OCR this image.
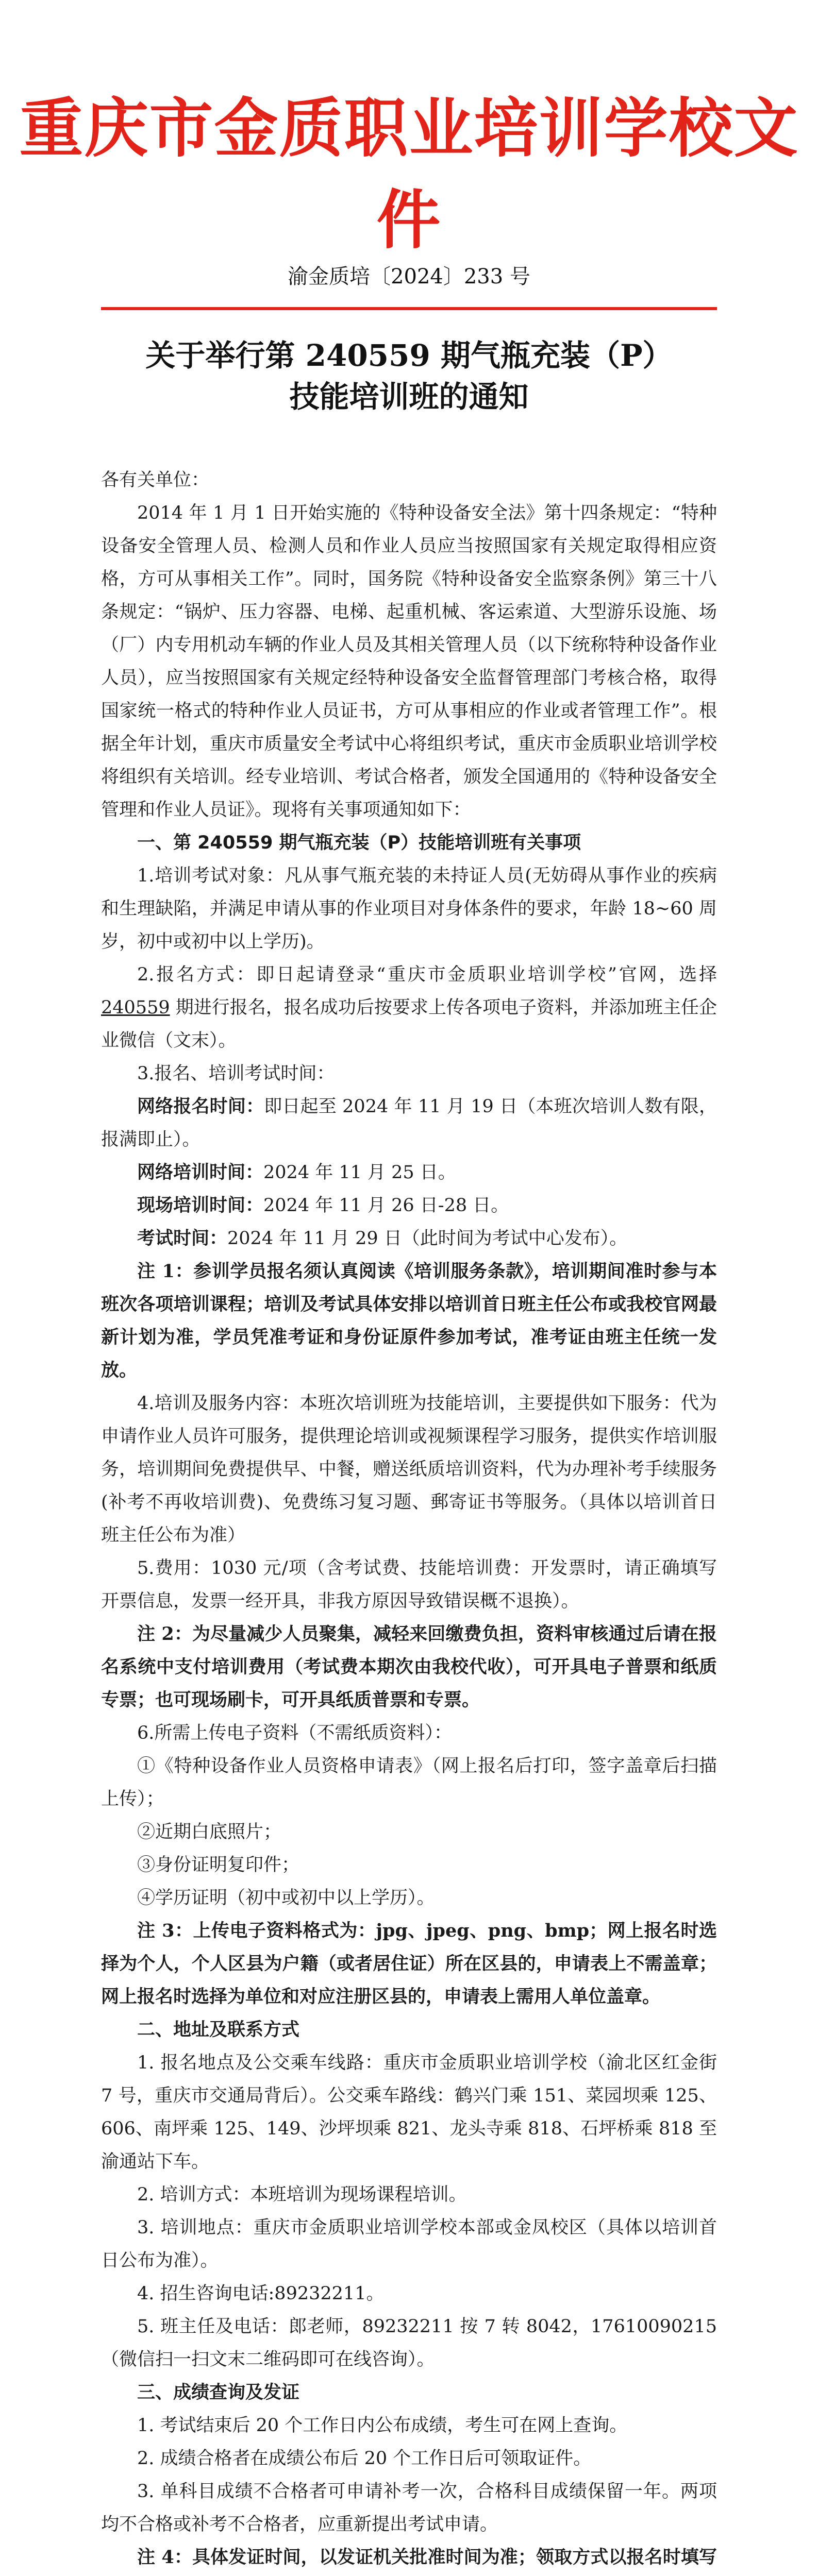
重庆市金质职业培训学校文件
渝金质培〔2024〕233 号
关于举行第 240559 期气瓶充装（P）
技能培训班的通知

各有关单位：

2014 年 1 月 1 日开始实施的《特种设备安全法》第十四条规定：“特种设备安全管理人员、检测人员和作业人员应当按照国家有关规定取得相应资格，方可从事相关工作”。同时，国务院《特种设备安全监察条例》第三十八条规定：“锅炉、压力容器、电梯、起重机械、客运索道、大型游乐设施、场（厂）内专用机动车辆的作业人员及其相关管理人员（以下统称特种设备作业人员），应当按照国家有关规定经特种设备安全监督管理部门考核合格，取得国家统一格式的特种作业人员证书，方可从事相应的作业或者管理工作”。根据全年计划，重庆市质量安全考试中心将组织考试，重庆市金质职业培训学校将组织有关培训。经专业培训、考试合格者，颁发全国通用的《特种设备安全管理和作业人员证》。现将有关事项通知如下：

一、第 240559 期气瓶充装（P）技能培训班有关事项

1.培训考试对象：凡从事气瓶充装的未持证人员(无妨碍从事作业的疾病和生理缺陷，并满足申请从事的作业项目对身体条件的要求，年龄 18~60 周岁，初中或初中以上学历)。

2.报名方式：即日起请登录“重庆市金质职业培训学校”官网，选择 240559 期进行报名，报名成功后按要求上传各项电子资料，并添加班主任企业微信（文末）。

3.报名、培训考试时间：

网络报名时间：即日起至 2024 年 11 月 19 日（本班次培训人数有限，报满即止）。

网络培训时间：2024 年 11 月 25 日。

现场培训时间：2024 年 11 月 26 日-28 日。

考试时间：2024 年 11 月 29 日（此时间为考试中心发布）。

注 1：参训学员报名须认真阅读《培训服务条款》，培训期间准时参与本班次各项培训课程；培训及考试具体安排以培训首日班主任公布或我校官网最新计划为准，学员凭准考证和身份证原件参加考试，准考证由班主任统一发放。

4.培训及服务内容：本班次培训班为技能培训，主要提供如下服务：代为申请作业人员许可服务，提供理论培训或视频课程学习服务，提供实作培训服务，培训期间免费提供早、中餐，赠送纸质培训资料，代为办理补考手续服务(补考不再收培训费)、免费练习复习题、郵寄证书等服务。（具体以培训首日班主任公布为准）

5.费用：1030 元/项（含考试费、技能培训费：开发票时，请正确填写开票信息，发票一经开具，非我方原因导致错误概不退换）。

注 2：为尽量减少人员聚集，减轻来回缴费负担，资料审核通过后请在报名系统中支付培训费用（考试费本期次由我校代收），可开具电子普票和纸质专票；也可现场刷卡，可开具纸质普票和专票。

6.所需上传电子资料（不需纸质资料）：

①《特种设备作业人员资格申请表》（网上报名后打印，签字盖章后扫描上传）；

②近期白底照片；

③身份证明复印件；

④学历证明（初中或初中以上学历）。

注 3：上传电子资料格式为：jpg、jpeg、png、bmp；网上报名时选择为个人，个人区县为户籍（或者居住证）所在区县的，申请表上不需盖章；网上报名时选择为单位和对应注册区县的，申请表上需用人单位盖章。

二、地址及联系方式

1. 报名地点及公交乘车线路：重庆市金质职业培训学校（渝北区红金街 7 号，重庆市交通局背后）。公交乘车路线：鹤兴门乘 151、菜园坝乘 125、606、南坪乘 125、149、沙坪坝乘 821、龙头寺乘 818、石坪桥乘 818 至渝通站下车。

2. 培训方式：本班培训为现场课程培训。

3. 培训地点：重庆市金质职业培训学校本部或金凤校区（具体以培训首日公布为准）。

4. 招生咨询电话:89232211。

5. 班主任及电话：郎老师，89232211 按 7 转 8042，17610090215（微信扫一扫文末二维码即可在线咨询）。

三、成绩查询及发证

1. 考试结束后 20 个工作日内公布成绩，考生可在网上查询。

2. 成绩合格者在成绩公布后 20 个工作日后可领取证件。

3. 单科目成绩不合格者可申请补考一次，合格科目成绩保留一年。两项均不合格或补考不合格者，应重新提出考试申请。

注 4：具体发证时间，以发证机关批准时间为准；领取方式以报名时填写
